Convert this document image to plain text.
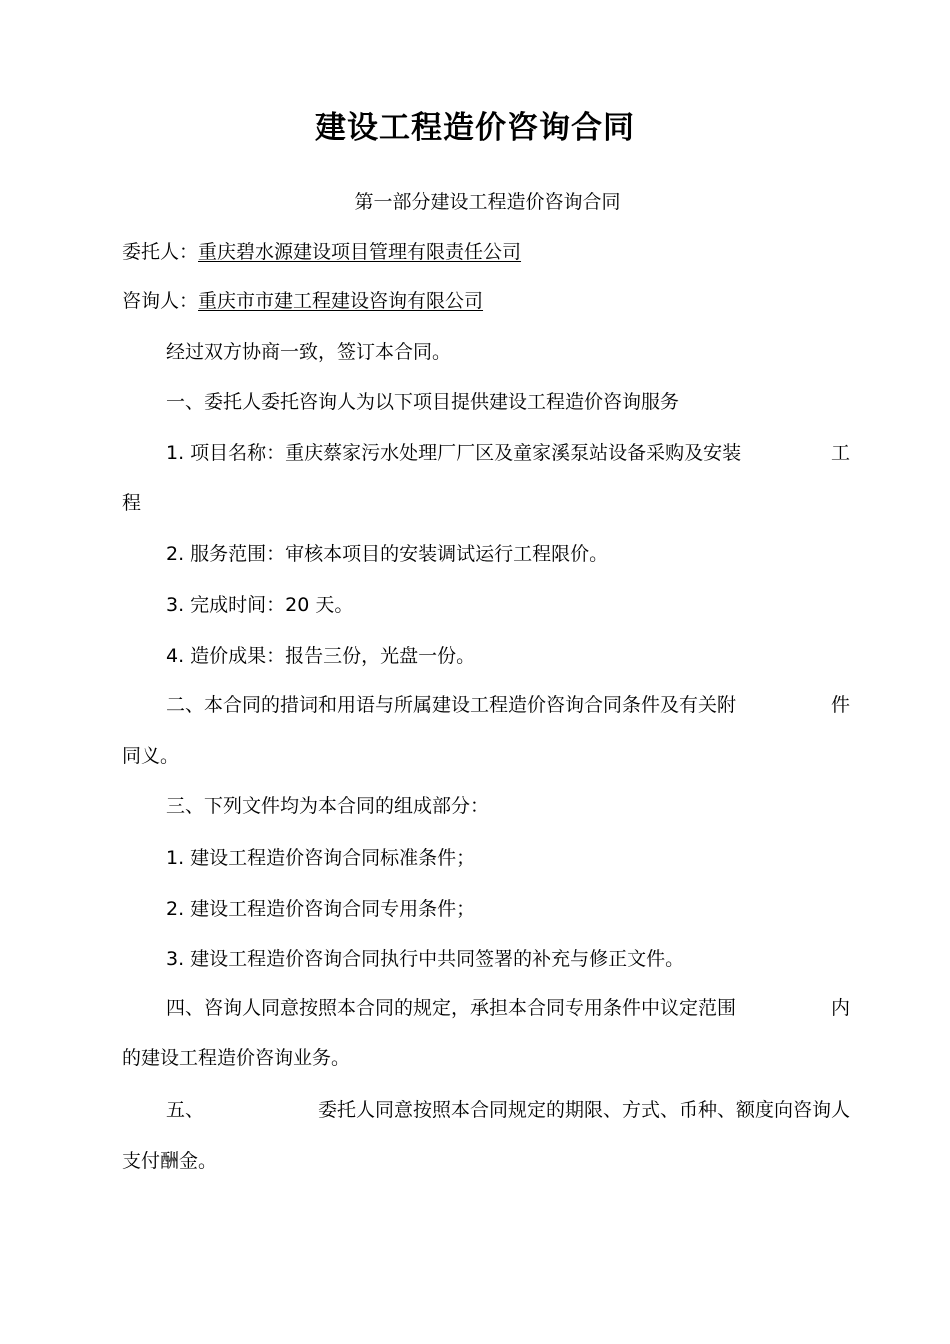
建设工程造价咨询合同
第一部分建设工程造价咨询合同
委托人：重庆碧水源建设项目管理有限责任公司
咨询人：重庆市市建工程建设咨询有限公司
经过双方协商一致，签订本合同。
一、委托人委托咨询人为以下项目提供建设工程造价咨询服务
1. 项目名称：重庆蔡家污水处理厂厂区及童家溪泵站设备采购及安装	工
程
2. 服务范围：审核本项目的安装调试运行工程限价。
3. 完成时间：20 天。
4. 造价成果：报告三份，光盘一份。
二、本合同的措词和用语与所属建设工程造价咨询合同条件及有关附	件
同义。
三、下列文件均为本合同的组成部分：
1. 建设工程造价咨询合同标准条件；
2. 建设工程造价咨询合同专用条件；
3. 建设工程造价咨询合同执行中共同签署的补充与修正文件。
四、咨询人同意按照本合同的规定，承担本合同专用条件中议定范围	内
的建设工程造价咨询业务。
五、	委托人同意按照本合同规定的期限、方式、币种、额度向咨询人
支付酬金。
